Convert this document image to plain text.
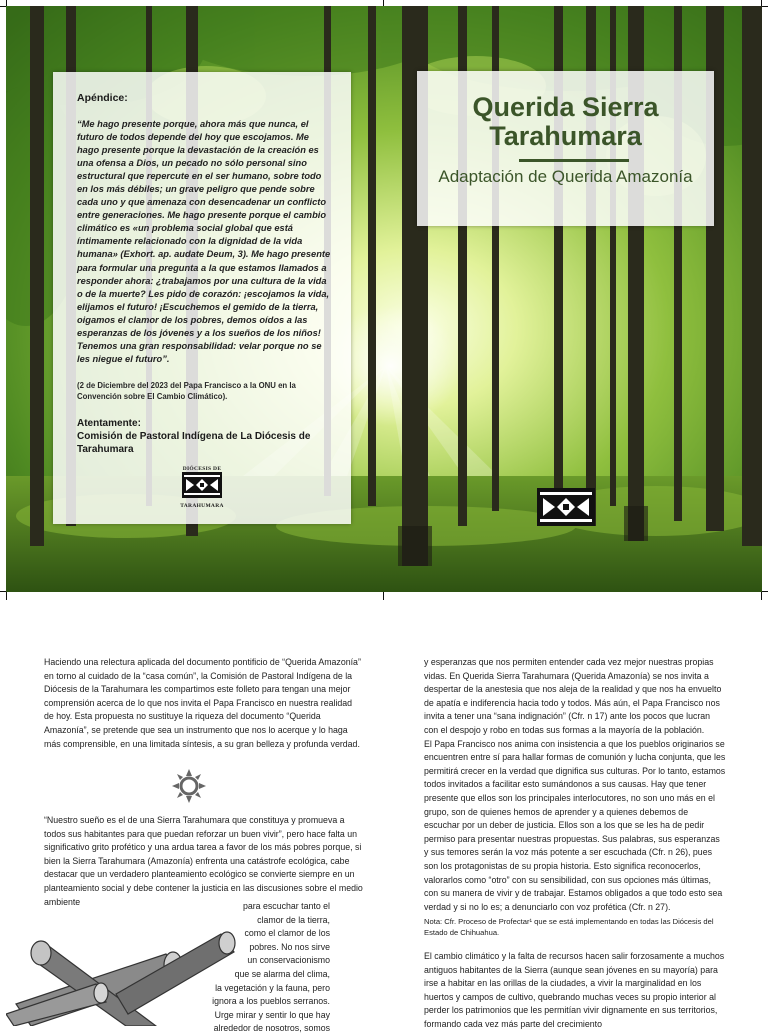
Apéndice:
“Me hago presente porque, ahora más que nunca, el futuro de todos depende del hoy que escojamos. Me hago presente porque la devastación de la creación es una ofensa a Dios, un pecado no sólo personal sino estructural que repercute en el ser humano, sobre todo en los más débiles; un grave peligro que pende sobre cada uno y que amenaza con desencadenar un conflicto entre generaciones. Me hago presente porque el cambio climático es «un problema social global que está íntimamente relacionado con la dignidad de la vida humana» (Exhort. ap. audate Deum, 3). Me hago presente para formular una pregunta a la que estamos llamados a responder ahora: ¿trabajamos por una cultura de la vida o de la muerte? Les pido de corazón: ¡escojamos la vida, elijamos el futuro! ¡Escuchemos el gemido de la tierra, oigamos el clamor de los pobres, demos oídos a las esperanzas de los jóvenes y a los sueños de los niños! Tenemos una gran responsabilidad: velar porque no se les niegue el futuro”.
(2 de Diciembre del 2023 del Papa Francisco a la ONU en la Convención sobre El Cambio Climático).
Atentamente:
Comisión de Pastoral Indígena de La Diócesis de Tarahumara
DIÓCESIS DE
TARAHUMARA
Querida Sierra Tarahumara
Adaptación de Querida Amazonía

Haciendo una relectura aplicada del documento pontificio de “Querida Amazonía” en torno al cuidado de la “casa común”, la Comisión de Pastoral Indígena de la Diócesis de la Tarahumara les compartimos este folleto para tengan una mejor comprensión acerca de lo que nos invita el Papa Francisco en nuestra realidad de hoy. Esta propuesta no sustituye la riqueza del documento “Querida Amazonía”, se pretende que sea un instrumento que nos lo acerque y lo haga más comprensible, en una limitada síntesis, a su gran belleza y profunda verdad.

“Nuestro sueño es el de una Sierra Tarahumara que constituya y promueva a todos sus habitantes para que puedan reforzar un buen vivir”, pero hace falta un significativo grito profético y una ardua tarea a favor de los más pobres porque, si bien la Sierra Tarahumara (Amazonía) enfrenta una catástrofe ecológica, cabe destacar que un verdadero planteamiento ecológico se convierte siempre en un planteamiento social y debe contener la justicia en las discusiones sobre el medio ambiente	para escuchar tanto el
clamor de la tierra,
como el clamor de los
pobres. No nos sirve
un conservacionismo
que se alarma del clima,
la vegetación y la fauna, pero
ignora a los pueblos serranos.
Urge mirar y sentir lo que hay
alrededor de nosotros, somos

y esperanzas que nos permiten entender cada vez mejor nuestras propias vidas. En Querida Sierra Tarahumara (Querida Amazonía) se nos invita a despertar de la anestesia que nos aleja de la realidad y que nos ha envuelto de apatía e indiferencia hacia todo y todos. Más aún, el Papa Francisco nos invita a tener una “sana indignación” (Cfr. n 17) ante los pocos que lucran con el despojo y robo en todas sus formas a la mayoría de la población.

El Papa Francisco nos anima con insistencia a que los pueblos originarios se encuentren entre sí para hallar formas de comunión y lucha conjunta, que les permitirá crecer en la verdad que dignifica sus culturas. Por lo tanto, estamos todos invitados a facilitar esto sumándonos a sus causas. Hay que tener presente que ellos son los principales interlocutores, no son uno más en el grupo, son de quienes hemos de aprender y a quienes debemos de escuchar por un deber de justicia. Ellos son a los que se les ha de pedir permiso para presentar nuestras propuestas. Sus palabras, sus esperanzas y sus temores serán la voz más potente a ser escuchada (Cfr. n 26), pues son los protagonistas de su propia historia. Esto significa reconocerlos, valorarlos como “otro” con su sensibilidad, con sus opciones más últimas, con su manera de vivir y de trabajar. Estamos obligados a que todo esto sea verdad y si no lo es; a denunciarlo con voz profética (Cfr. n 27).

Nota: Cfr. Proceso de Profectar¹ que se está implementando en todas las Diócesis del Estado de Chihuahua.

El cambio climático y la falta de recursos hacen salir forzosamente a muchos antiguos habitantes de la Sierra (aunque sean jóvenes en su mayoría) para irse a habitar en las orillas de la ciudades, a vivir la marginalidad en los huertos y campos de cultivo, quebrando muchas veces su propio interior al perder los patrimonios que les permitían vivir dignamente en sus territorios, formando cada vez más parte del crecimiento
